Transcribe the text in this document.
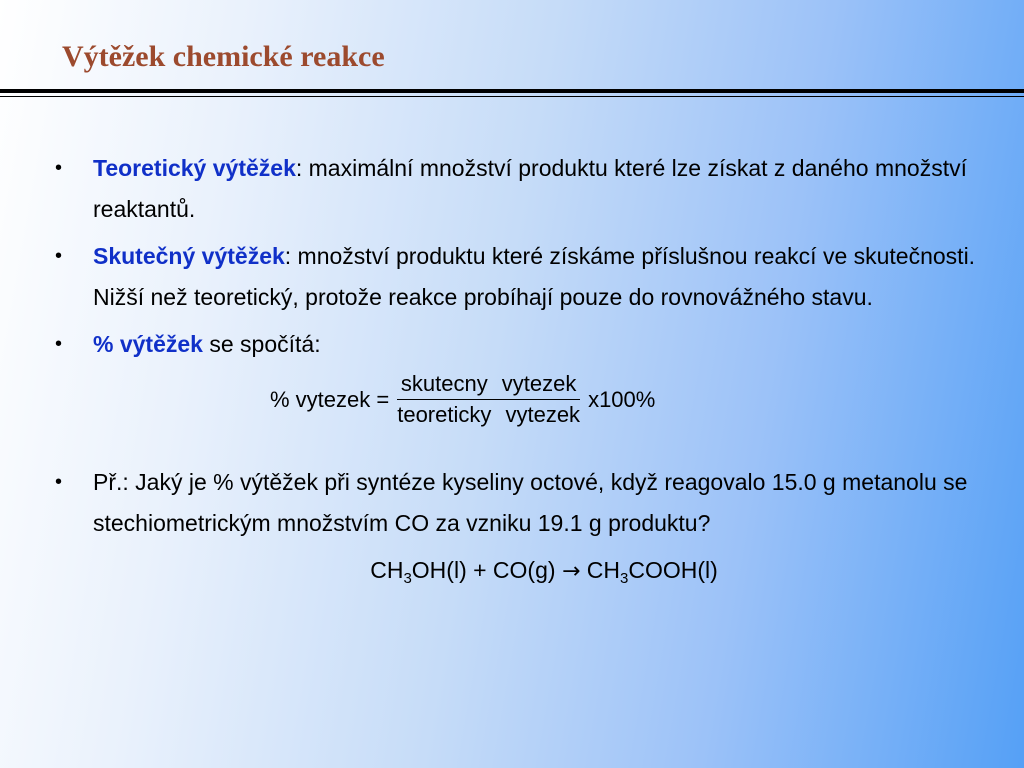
Výtěžek chemické reakce
•	Teoretický výtěžek: maximální množství produktu které lze získat z daného množství reaktantů.
•	Skutečný výtěžek: množství produktu které získáme příslušnou reakcí ve skutečnosti. Nižší než teoretický, protože reakce probíhají pouze do rovnovážného stavu.
•	% výtěžek se spočítá:
% vytezek = $\frac{\text{skutecny vytezek}}{\text{teoreticky vytezek}} x100\%$
•	Př.: Jaký je % výtěžek při syntéze kyseliny octové, když reagovalo 15.0 g metanolu se stechiometrickým množstvím CO za vzniku 19.1 g produktu?
$CH_3OH(l) + CO(g)$ → $CH_3COOH(l)$
